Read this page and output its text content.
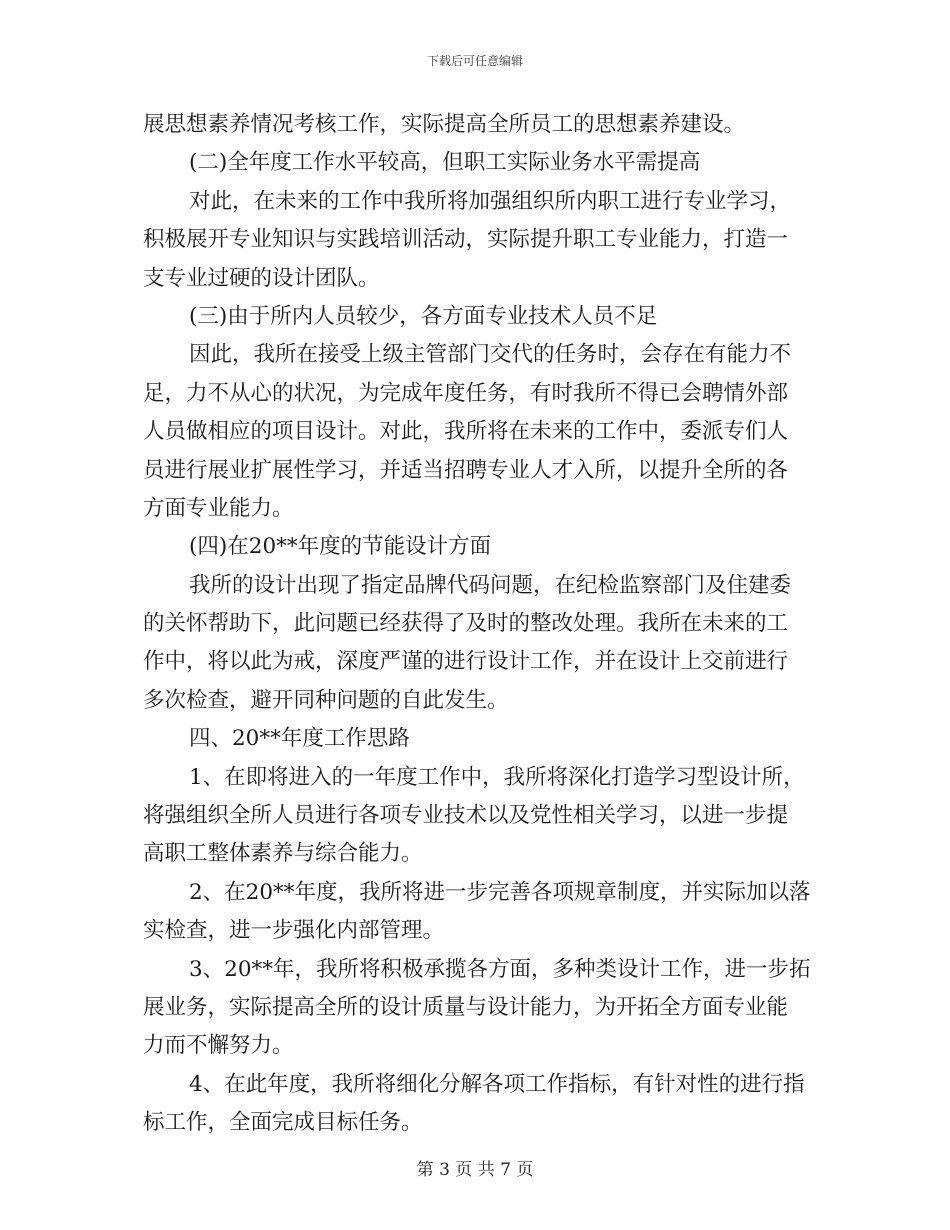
下载后可任意编辑
展思想素养情况考核工作，实际提高全所员工的思想素养建设。
(二)全年度工作水平较高，但职工实际业务水平需提高
对此，在未来的工作中我所将加强组织所内职工进行专业学习，
积极展开专业知识与实践培训活动，实际提升职工专业能力，打造一
支专业过硬的设计团队。
(三)由于所内人员较少，各方面专业技术人员不足
因此，我所在接受上级主管部门交代的任务时，会存在有能力不
足，力不从心的状况，为完成年度任务，有时我所不得已会聘情外部
人员做相应的项目设计。对此，我所将在未来的工作中，委派专们人
员进行展业扩展性学习，并适当招聘专业人才入所，以提升全所的各
方面专业能力。
(四)在20**年度的节能设计方面
我所的设计出现了指定品牌代码问题，在纪检监察部门及住建委
的关怀帮助下，此问题已经获得了及时的整改处理。我所在未来的工
作中，将以此为戒，深度严谨的进行设计工作，并在设计上交前进行
多次检查，避开同种问题的自此发生。
四、20**年度工作思路
1、在即将进入的一年度工作中，我所将深化打造学习型设计所，
将强组织全所人员进行各项专业技术以及党性相关学习，以进一步提
高职工整体素养与综合能力。
2、在20**年度，我所将进一步完善各项规章制度，并实际加以落
实检查，进一步强化内部管理。
3、20**年，我所将积极承揽各方面，多种类设计工作，进一步拓
展业务，实际提高全所的设计质量与设计能力，为开拓全方面专业能
力而不懈努力。
4、在此年度，我所将细化分解各项工作指标，有针对性的进行指
标工作，全面完成目标任务。
第 3 页 共 7 页
